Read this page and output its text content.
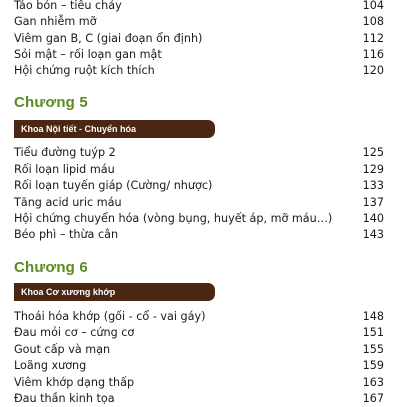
Táo bón – tiêu chảy	104
Gan nhiễm mỡ	108
Viêm gan B, C (giai đoạn ổn định)	112
Sỏi mật – rối loạn gan mật	116
Hội chứng ruột kích thích	120
Chương 5
Khoa Nội tiết - Chuyển hóa
Tiểu đường tuýp 2	125
Rối loạn lipid máu	129
Rối loạn tuyến giáp (Cường/ nhược)	133
Tăng acid uric máu	137
Hội chứng chuyển hóa (vòng bụng, huyết áp, mỡ máu…)	140
Béo phì – thừa cân	143
Chương 6
Khoa Cơ xương khớp
Thoái hóa khớp (gối - cổ - vai gáy)	148
Đau mỏi cơ – cứng cơ	151
Gout cấp và mạn	155
Loãng xương	159
Viêm khớp dạng thấp	163
Đau thần kinh tọa	167
